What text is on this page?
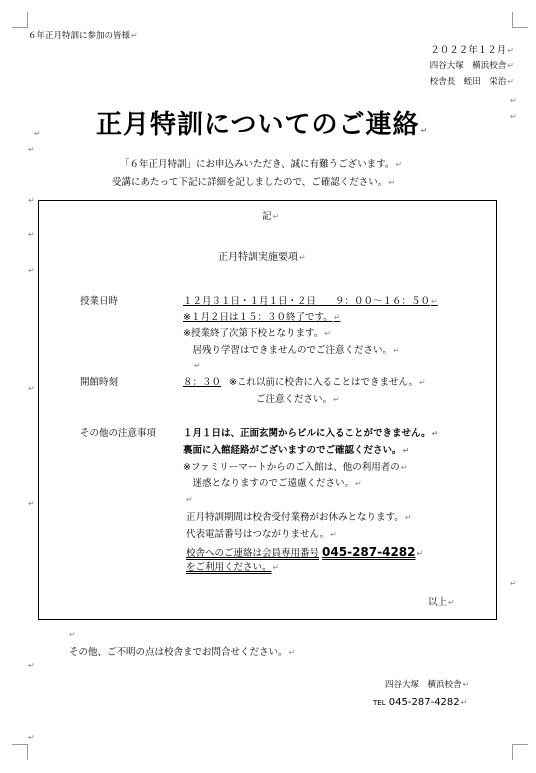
６年正月特訓に参加の皆様↵
２０２２年１２月↵
四谷大塚　横浜校舎↵
校舎長　蛭田　栄治↵
↵
↵
正月特訓についてのご連絡↵
↵
↵
「６年正月特訓」にお申込みいただき、誠に有難うございます。↵
受講にあたって下記に詳細を記しましたので、ご確認ください。↵
↵
記↵
↵
正月特訓実施要項↵
↵
授業日時	１２月３１日・１月１日・２日　　９：００〜１６：５０↵
※１月２日は１５：３０終了です。↵
※授業終了次第下校となります。↵
　居残り学習はできませんのでご注意ください。↵
↵
開館時刻	８：３０ ※これ以前に校舎に入ることはできません。↵
ご注意ください。↵
↵
その他の注意事項	１月１日は、正面玄関からビルに入ることができません。↵
裏面に入館経路がございますのでご確認ください。↵
※ファミリーマートからのご入館は、他の利用者の↵
　迷惑となりますのでご遠慮ください。↵
↵
↵
正月特訓期間は校舎受付業務がお休みとなります。↵
代表電話番号はつながりません。↵
校舎へのご連絡は会員専用番号 045-287-4282↵
をご利用ください。↵
↵
以上↵
↵
その他、ご不明の点は校舎までお問合せください。↵
↵
四谷大塚　横浜校舎↵
TEL 045-287-4282↵
↵
